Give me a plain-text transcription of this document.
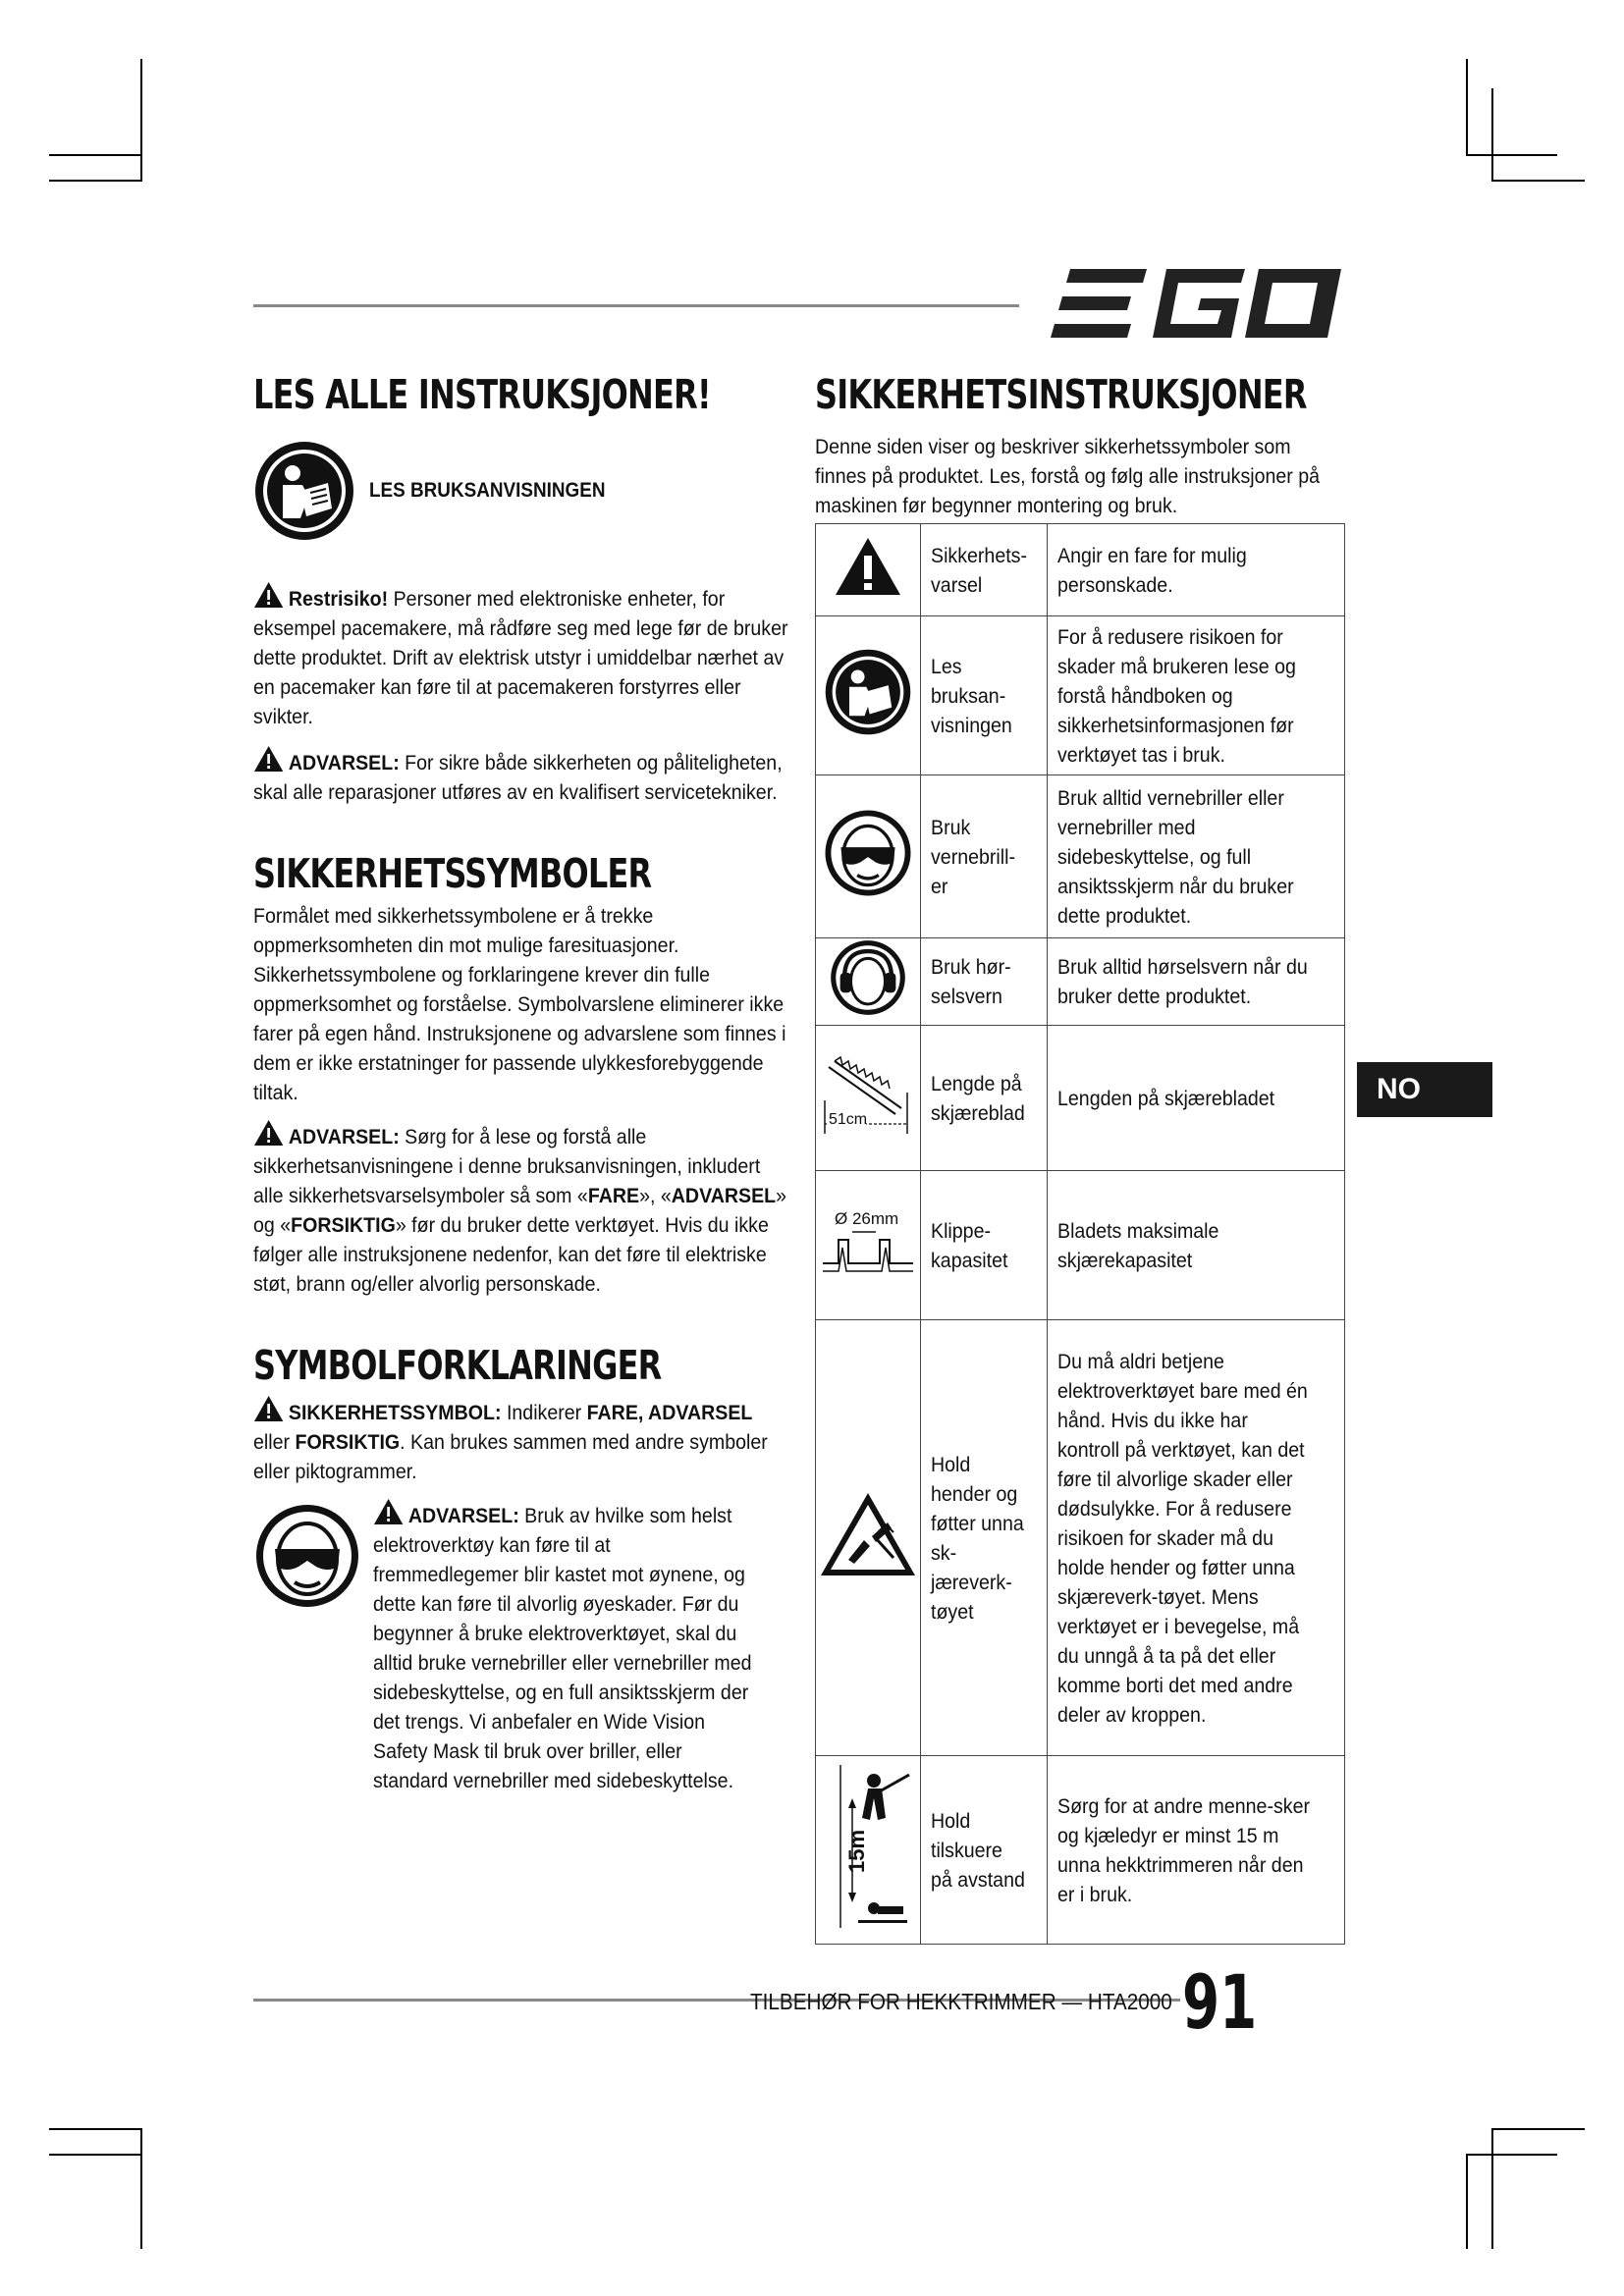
LES ALLE INSTRUKSJONER!
LES BRUKSANVISNINGEN

Restrisiko! Personer med elektroniske enheter, for eksempel pacemakere, må rådføre seg med lege før de bruker dette produktet. Drift av elektrisk utstyr i umiddelbar nærhet av en pacemaker kan føre til at pacemakeren forstyrres eller svikter.

ADVARSEL: For sikre både sikkerheten og påliteligheten, skal alle reparasjoner utføres av en kvalifisert servicetekniker.

SIKKERHETSSYMBOLER

Formålet med sikkerhetssymbolene er å trekke oppmerksomheten din mot mulige faresituasjoner. Sikkerhetssymbolene og forklaringene krever din fulle oppmerksomhet og forståelse. Symbolvarslene eliminerer ikke farer på egen hånd. Instruksjonene og advarslene som finnes i dem er ikke erstatninger for passende ulykkesforebyggende tiltak.

ADVARSEL: Sørg for å lese og forstå alle sikkerhetsanvisningene i denne bruksanvisningen, inkludert alle sikkerhetsvarselsymboler så som «FARE», «ADVARSEL» og «FORSIKTIG» før du bruker dette verktøyet. Hvis du ikke følger alle instruksjonene nedenfor, kan det føre til elektriske støt, brann og/eller alvorlig personskade.

SYMBOLFORKLARINGER

SIKKERHETSSYMBOL: Indikerer FARE, ADVARSEL eller FORSIKTIG. Kan brukes sammen med andre symboler eller piktogrammer.

ADVARSEL: Bruk av hvilke som helst elektroverktøy kan føre til at fremmedlegemer blir kastet mot øynene, og dette kan føre til alvorlig øyeskader. Før du begynner å bruke elektroverktøyet, skal du alltid bruke vernebriller eller vernebriller med sidebeskyttelse, og en full ansiktsskjerm der det trengs. Vi anbefaler en Wide Vision Safety Mask til bruk over briller, eller standard vernebriller med sidebeskyttelse.

SIKKERHETSINSTRUKSJONER

Denne siden viser og beskriver sikkerhetssymboler som finnes på produktet. Les, forstå og følg alle instruksjoner på maskinen før begynner montering og bruk.

	Sikkerhets-varsel	Angir en fare for mulig personskade.
	Les bruksan-visningen	For å redusere risikoen for skader må brukeren lese og forstå håndboken og sikkerhetsinformasjonen før verktøyet tas i bruk.
	Bruk vernebrill-er	Bruk alltid vernebriller eller vernebriller med sidebeskyttelse, og full ansiktsskjerm når du bruker dette produktet.
	Bruk hør-selsvern	Bruk alltid hørselsvern når du bruker dette produktet.

51cm	Lengde på skjæreblad	Lengden på skjærebladet

Ø 26mm	Klippe-kapasitet	Bladets maksimale skjærekapasitet
	Hold hender og føtter unna sk-jæreverk-tøyet	Du må aldri betjene elektroverktøyet bare med én hånd. Hvis du ikke har kontroll på verktøyet, kan det føre til alvorlige skader eller dødsulykke. For å redusere risikoen for skader må du holde hender og føtter unna skjæreverk-tøyet. Mens verktøyet er i bevegelse, må du unngå å ta på det eller komme borti det med andre deler av kroppen.

15m	Hold tilskuere på avstand	Sørg for at andre menne-sker og kjæledyr er minst 15 m unna hekktrimmeren når den er i bruk.
NO
TILBEHØR FOR HEKKTRIMMER — HTA2000 91
